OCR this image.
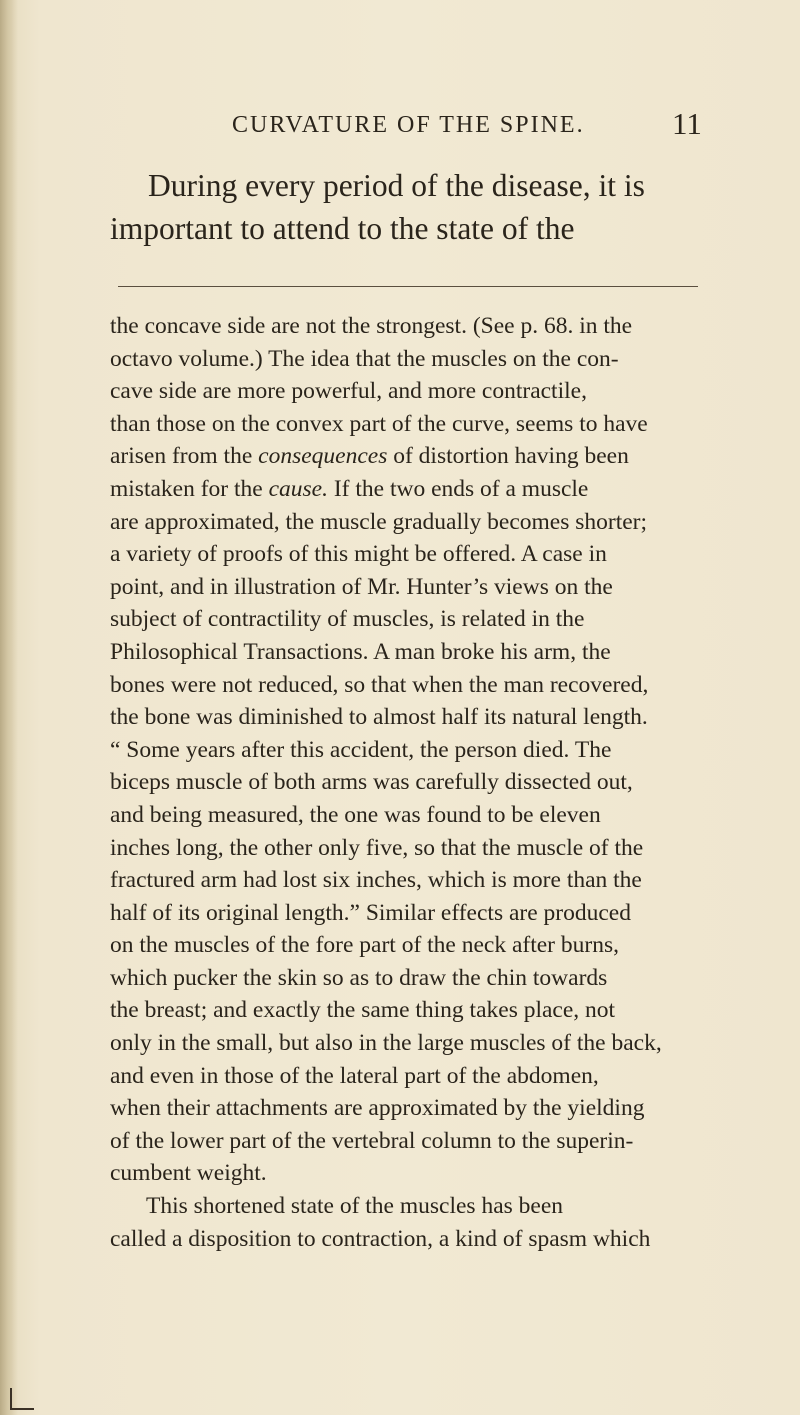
CURVATURE OF THE SPINE.	11
During every period of the disease, it is
important to attend to the state of the
the concave side are not the strongest. (See p. 68. in the
octavo volume.) The idea that the muscles on the con-
cave side are more powerful, and more contractile,
than those on the convex part of the curve, seems to have
arisen from the consequences of distortion having been
mistaken for the cause. If the two ends of a muscle
are approximated, the muscle gradually becomes shorter;
a variety of proofs of this might be offered. A case in
point, and in illustration of Mr. Hunter’s views on the
subject of contractility of muscles, is related in the
Philosophical Transactions. A man broke his arm, the
bones were not reduced, so that when the man recovered,
the bone was diminished to almost half its natural length.
“ Some years after this accident, the person died. The
biceps muscle of both arms was carefully dissected out,
and being measured, the one was found to be eleven
inches long, the other only five, so that the muscle of the
fractured arm had lost six inches, which is more than the
half of its original length.” Similar effects are produced
on the muscles of the fore part of the neck after burns,
which pucker the skin so as to draw the chin towards
the breast; and exactly the same thing takes place, not
only in the small, but also in the large muscles of the back,
and even in those of the lateral part of the abdomen,
when their attachments are approximated by the yielding
of the lower part of the vertebral column to the superin-
cumbent weight.
This shortened state of the muscles has been
called a disposition to contraction, a kind of spasm which
